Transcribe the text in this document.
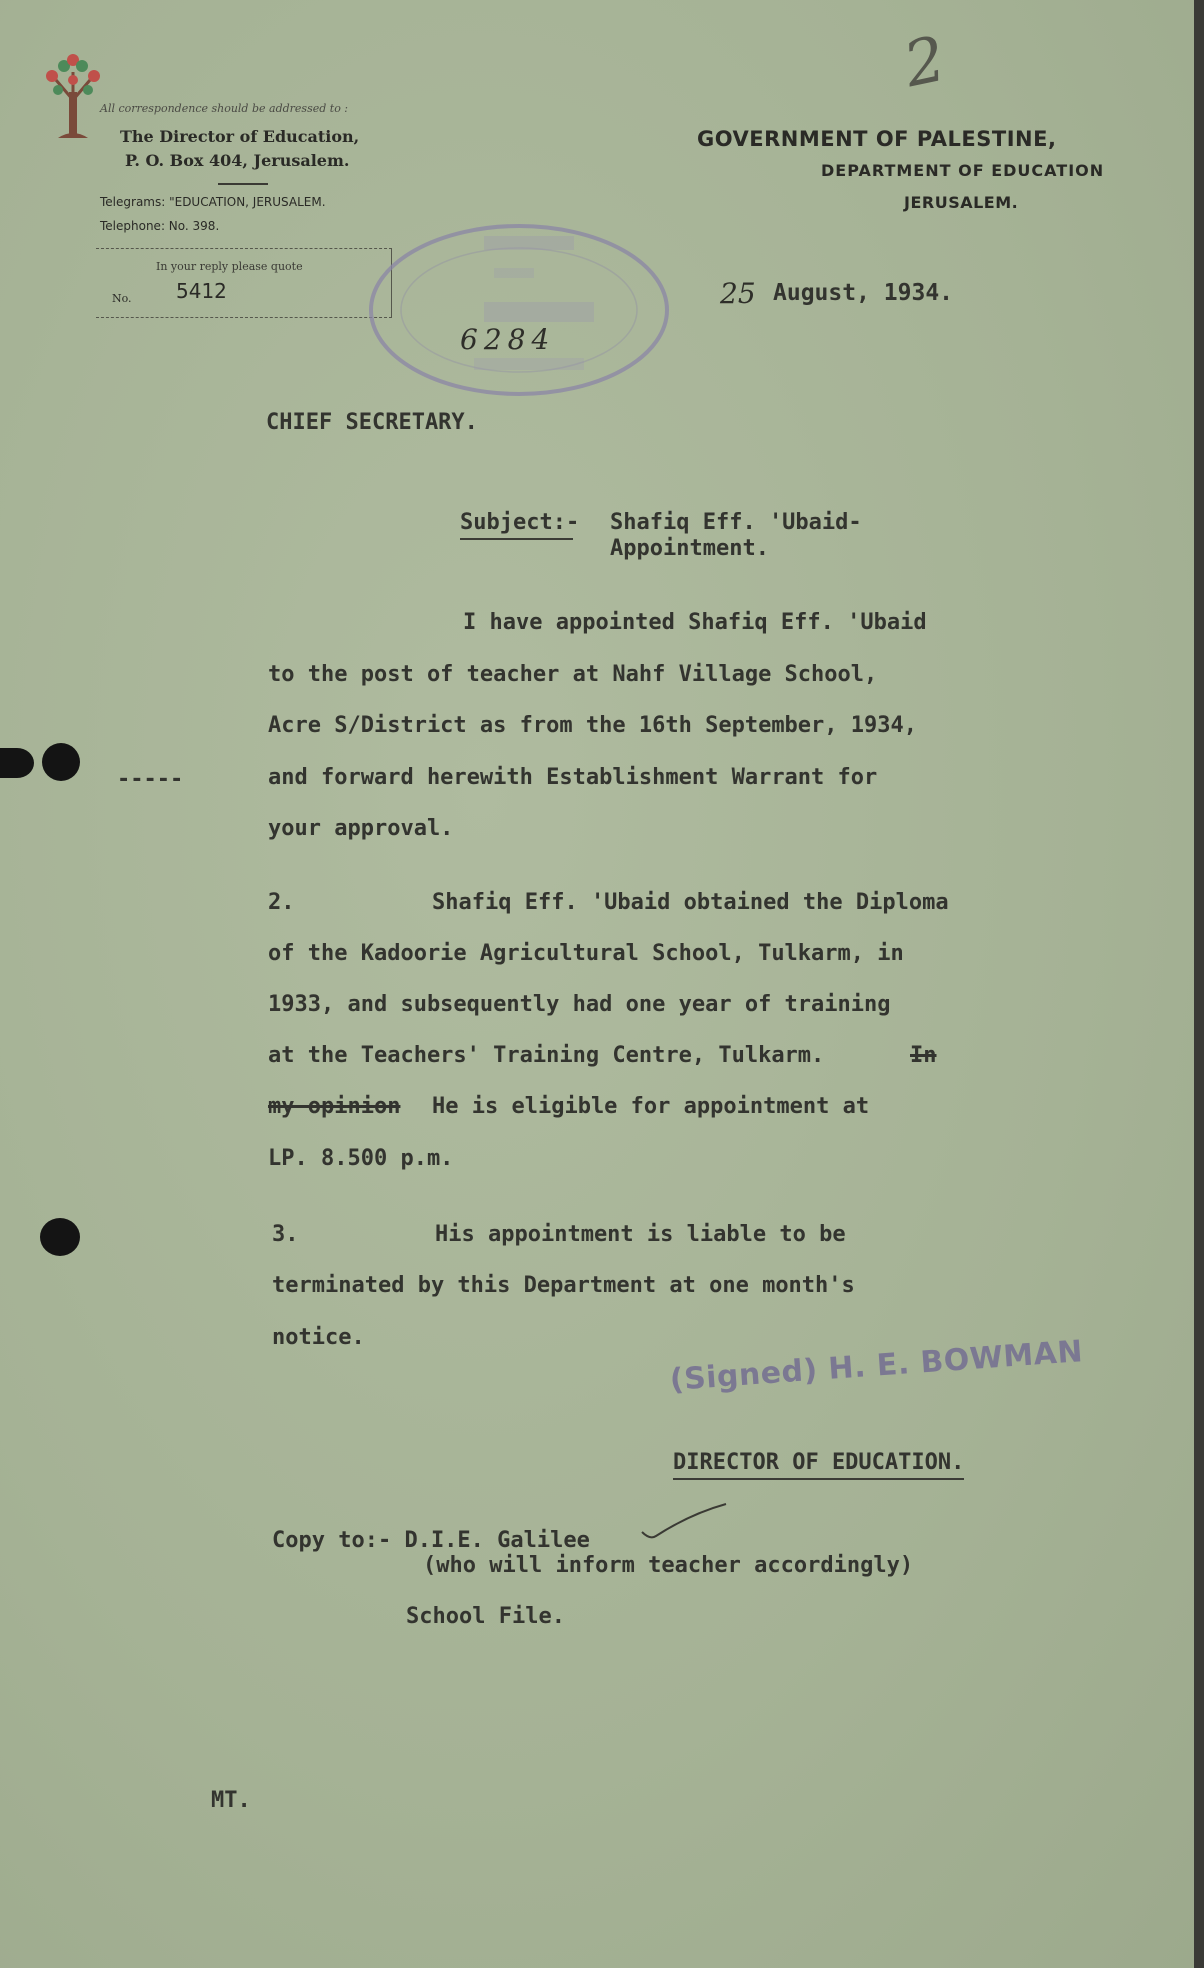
All correspondence should be addressed to :
The Director of Education,
P. O. Box 404, Jerusalem.
Telegrams: "EDUCATION, JERUSALEM.
Telephone: No. 398.
In your reply please quote
No. 5412
2
GOVERNMENT OF PALESTINE,
DEPARTMENT OF EDUCATION
JERUSALEM.
6284
25 August, 1934.
CHIEF SECRETARY.
Subject:- Shafiq Eff. 'Ubaid-
Appointment.
I have appointed Shafiq Eff. 'Ubaid
to the post of teacher at Nahf Village School,
Acre S/District as from the 16th September, 1934,
and forward herewith Establishment Warrant for
your approval.
-----
2.	Shafiq Eff. 'Ubaid obtained the Diploma
of the Kadoorie Agricultural School, Tulkarm, in
1933, and subsequently had one year of training
at the Teachers' Training Centre, Tulkarm.	In
my opinion He is eligible for appointment at
LP. 8.500 p.m.
3.	His appointment is liable to be
terminated by this Department at one month's
notice.	(Signed) H. E. BOWMAN
DIRECTOR OF EDUCATION.
Copy to:- D.I.E. Galilee
(who will inform teacher accordingly)
School File.
MT.
